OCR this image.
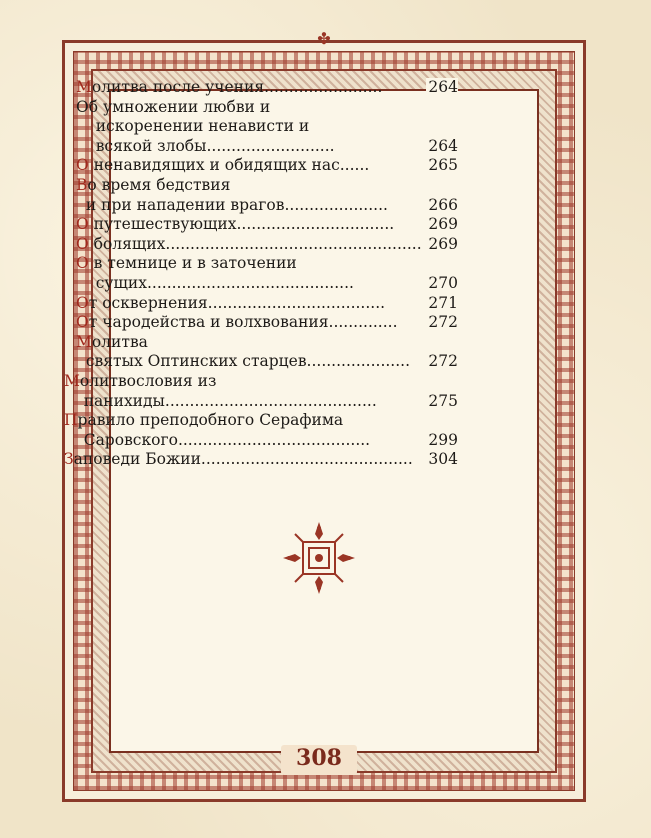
✤
Молитва после учения........................	264
Об умножении любви и
искоренении ненависти и
всякой злобы..........................	264
О ненавидящих и обидящих нас......	265
Во время бедствия
и при нападении врагов.....................	266
О путешествующих................................	269
О болящих.................................................... 269
О в темнице и в заточении
сущих..........................................	270
От осквернения....................................	271
От чародейства и волхвования..............	272
Молитва
святых Оптинских старцев.....................	272
Молитвословия из
панихиды...........................................	275
Правило преподобного Серафима
Саровского.......................................	299
Заповеди Божии...........................................	304
308
